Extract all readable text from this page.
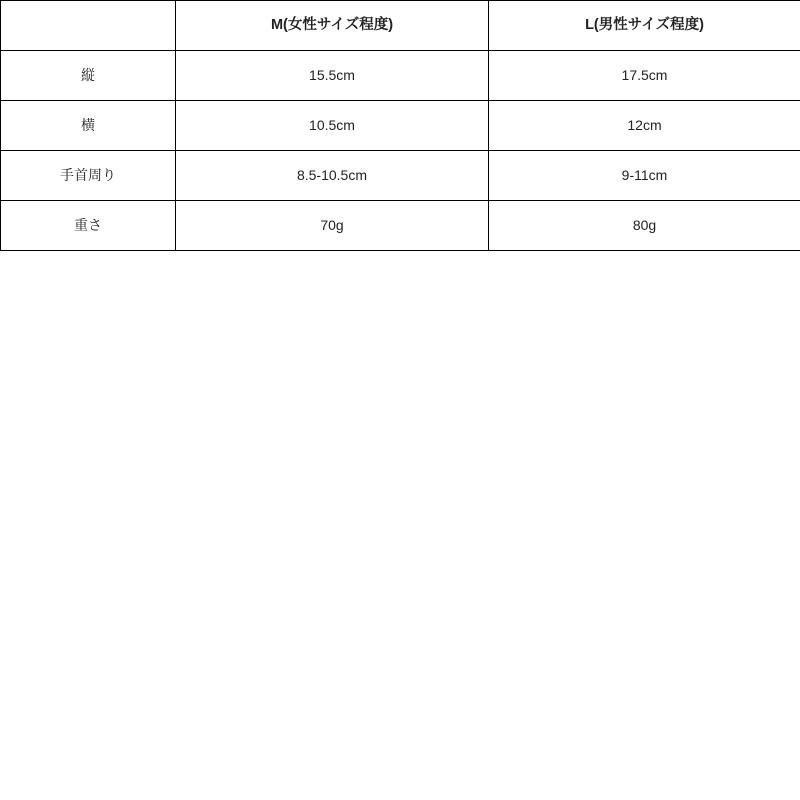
	M(女性サイズ程度)	L(男性サイズ程度)
縦	15.5cm	17.5cm
横	10.5cm	12cm
手首周り	8.5-10.5cm	9-11cm
重さ	70g	80g
